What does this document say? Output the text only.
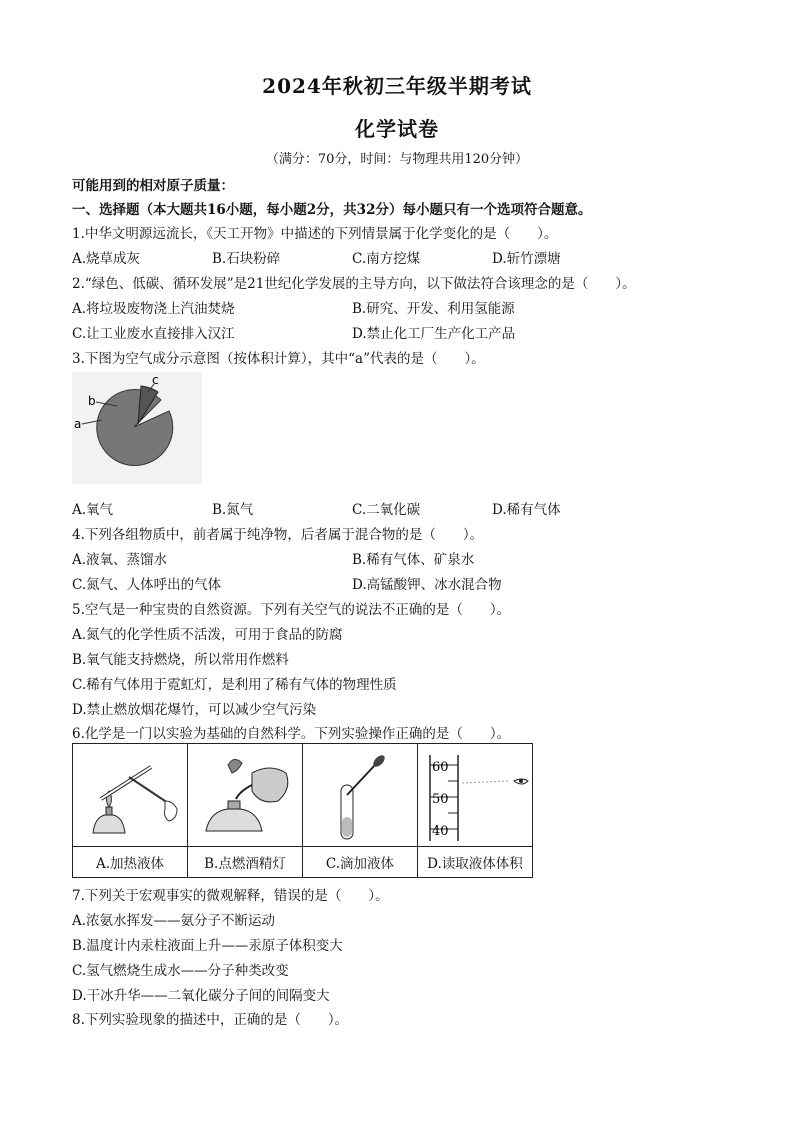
2024年秋初三年级半期考试
化学试卷
（满分：70分，时间：与物理共用120分钟）
可能用到的相对原子质量：
一、选择题（本大题共16小题，每小题2分，共32分）每小题只有一个选项符合题意。
1.中华文明源远流长，《天工开物》中描述的下列情景属于化学变化的是（　　）。
A.烧草成灰	B.石块粉碎	C.南方挖煤	D.斩竹漂塘
2.“绿色、低碳、循环发展”是21世纪化学发展的主导方向，以下做法符合该理念的是（　　）。
A.将垃圾废物浇上汽油焚烧	B.研究、开发、利用氢能源
C.让工业废水直接排入汉江	D.禁止化工厂生产化工产品
3.下图为空气成分示意图（按体积计算），其中“a”代表的是（　　）。
a
b
c
A.氧气	B.氮气	C.二氧化碳	D.稀有气体
4.下列各组物质中，前者属于纯净物，后者属于混合物的是（　　）。
A.液氧、蒸馏水	B.稀有气体、矿泉水
C.氮气、人体呼出的气体	D.高锰酸钾、冰水混合物
5.空气是一种宝贵的自然资源。下列有关空气的说法不正确的是（　　）。
A.氮气的化学性质不活泼，可用于食品的防腐
B.氧气能支持燃烧，所以常用作燃料
C.稀有气体用于霓虹灯，是利用了稀有气体的物理性质
D.禁止燃放烟花爆竹，可以减少空气污染
6.化学是一门以实验为基础的自然科学。下列实验操作正确的是（　　）。

60
50
40

A.加热液体	B.点燃酒精灯	C.滴加液体	D.读取液体体积
7.下列关于宏观事实的微观解释，错误的是（　　）。
A.浓氨水挥发——氨分子不断运动
B.温度计内汞柱液面上升——汞原子体积变大
C.氢气燃烧生成水——分子种类改变
D.干冰升华——二氧化碳分子间的间隔变大
8.下列实验现象的描述中，正确的是（　　）。
